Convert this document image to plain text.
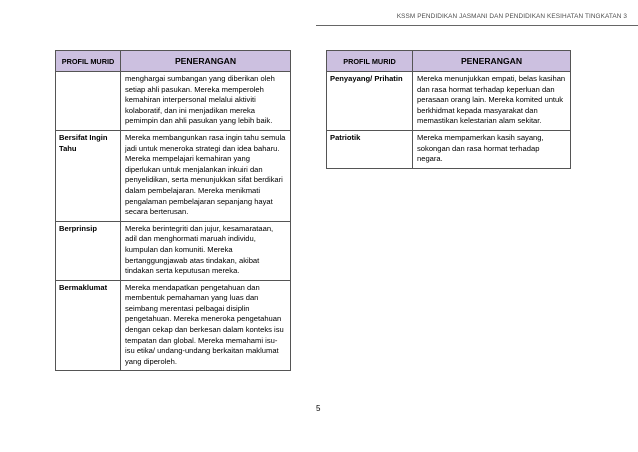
KSSM PENDIDIKAN JASMANI DAN PENDIDIKAN KESIHATAN TINGKATAN 3
PROFIL MURID	PENERANGAN
	menghargai sumbangan yang diberikan oleh setiap ahli pasukan. Mereka memperoleh kemahiran interpersonal melalui aktiviti kolaboratif, dan ini menjadikan mereka pemimpin dan ahli pasukan yang lebih baik.
Bersifat Ingin Tahu	Mereka membangunkan rasa ingin tahu semula jadi untuk meneroka strategi dan idea baharu. Mereka mempelajari kemahiran yang diperlukan untuk menjalankan inkuiri dan penyelidikan, serta menunjukkan sifat berdikari dalam pembelajaran. Mereka menikmati pengalaman pembelajaran sepanjang hayat secara berterusan.
Berprinsip	Mereka berintegriti dan jujur, kesamarataan, adil dan menghormati maruah individu, kumpulan dan komuniti. Mereka bertanggungjawab atas tindakan, akibat tindakan serta keputusan mereka.
Bermaklumat	Mereka mendapatkan pengetahuan dan membentuk pemahaman yang luas dan seimbang merentasi pelbagai disiplin pengetahuan. Mereka meneroka pengetahuan dengan cekap dan berkesan dalam konteks isu tempatan dan global. Mereka memahami isu-isu etika/ undang-undang berkaitan maklumat yang diperoleh.
PROFIL MURID	PENERANGAN
Penyayang/ Prihatin	Mereka menunjukkan empati, belas kasihan dan rasa hormat terhadap keperluan dan perasaan orang lain. Mereka komited untuk berkhidmat kepada masyarakat dan memastikan kelestarian alam sekitar.
Patriotik	Mereka mempamerkan kasih sayang, sokongan dan rasa hormat terhadap negara.
5
